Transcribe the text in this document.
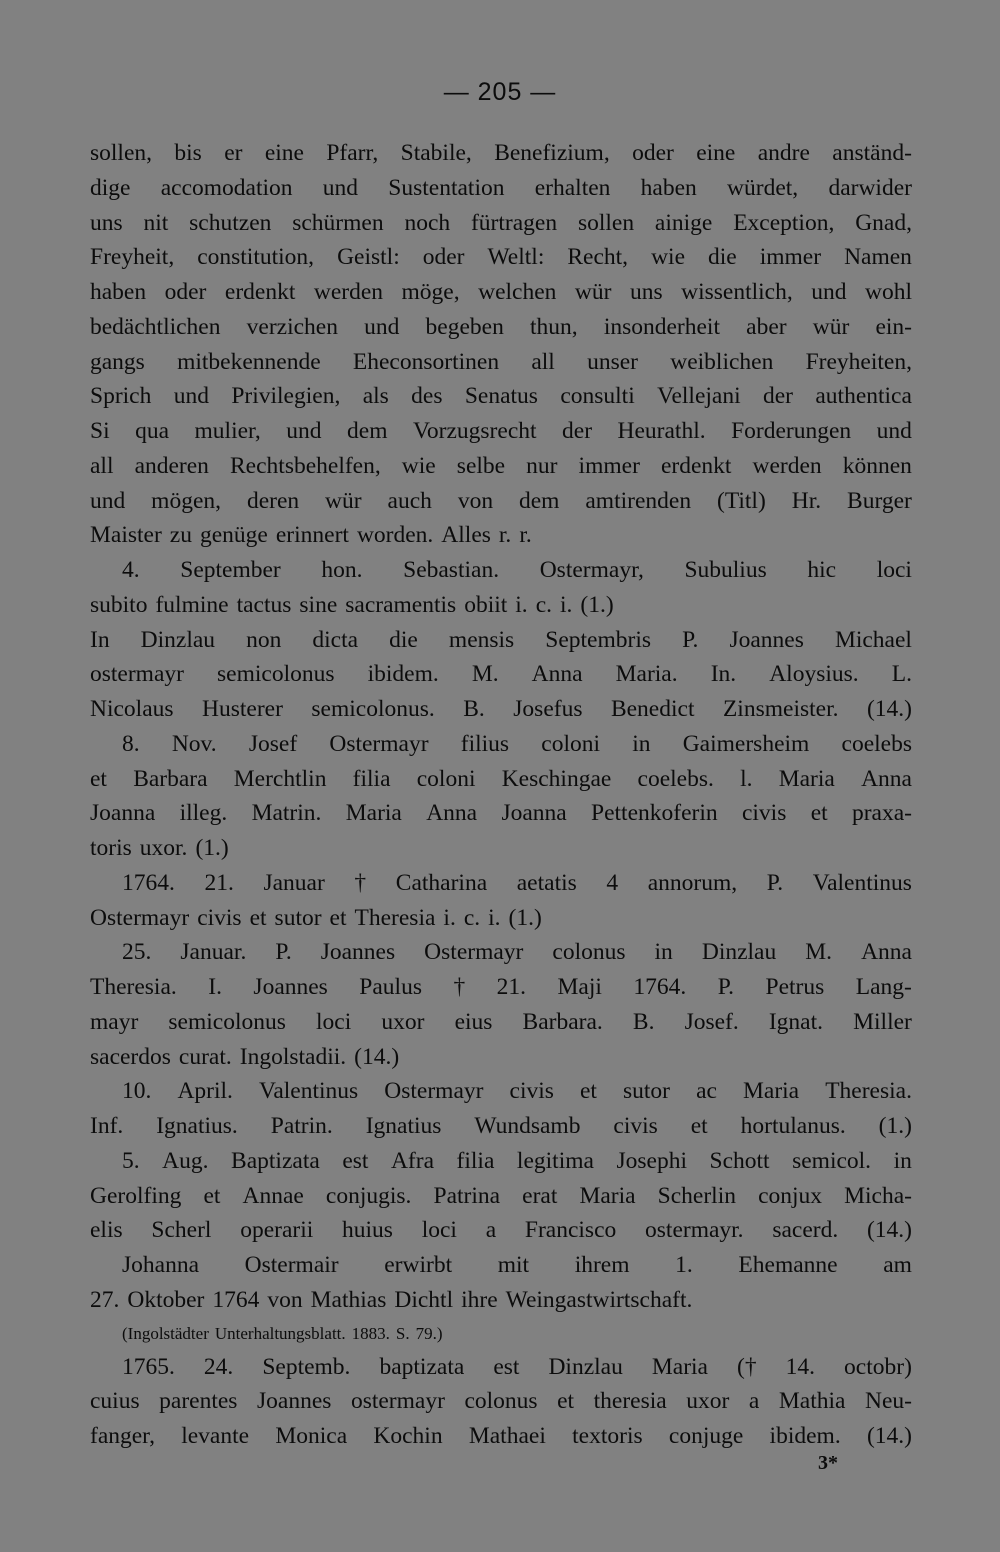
— 205 —
sollen, bis er eine Pfarr, Stabile, Benefizium, oder eine andre anständ-
dige accomodation und Sustentation erhalten haben würdet, darwider
uns nit schutzen schürmen noch fürtragen sollen ainige Exception, Gnad,
Freyheit, constitution, Geistl: oder Weltl: Recht, wie die immer Namen
haben oder erdenkt werden möge, welchen wür uns wissentlich, und wohl
bedächtlichen verzichen und begeben thun, insonderheit aber wür ein-
gangs mitbekennende Eheconsortinen all unser weiblichen Freyheiten,
Sprich und Privilegien, als des Senatus consulti Vellejani der authentica
Si qua mulier, und dem Vorzugsrecht der Heurathl. Forderungen und
all anderen Rechtsbehelfen, wie selbe nur immer erdenkt werden können
und mögen, deren wür auch von dem amtirenden (Titl) Hr. Burger
Maister zu genüge erinnert worden. Alles r. r.
4. September hon. Sebastian. Ostermayr, Subulius hic loci
subito fulmine tactus sine sacramentis obiit i. c. i. (1.)
In Dinzlau non dicta die mensis Septembris P. Joannes Michael
ostermayr semicolonus ibidem. M. Anna Maria. In. Aloysius. L.
Nicolaus Husterer semicolonus. B. Josefus Benedict Zinsmeister. (14.)
8. Nov. Josef Ostermayr filius coloni in Gaimersheim coelebs
et Barbara Merchtlin filia coloni Keschingae coelebs. l. Maria Anna
Joanna illeg. Matrin. Maria Anna Joanna Pettenkoferin civis et praxa-
toris uxor. (1.)
1764. 21. Januar † Catharina aetatis 4 annorum, P. Valentinus
Ostermayr civis et sutor et Theresia i. c. i. (1.)
25. Januar. P. Joannes Ostermayr colonus in Dinzlau M. Anna
Theresia. I. Joannes Paulus † 21. Maji 1764. P. Petrus Lang-
mayr semicolonus loci uxor eius Barbara. B. Josef. Ignat. Miller
sacerdos curat. Ingolstadii. (14.)
10. April. Valentinus Ostermayr civis et sutor ac Maria Theresia.
Inf. Ignatius. Patrin. Ignatius Wundsamb civis et hortulanus. (1.)
5. Aug. Baptizata est Afra filia legitima Josephi Schott semicol. in
Gerolfing et Annae conjugis. Patrina erat Maria Scherlin conjux Micha-
elis Scherl operarii huius loci a Francisco ostermayr. sacerd. (14.)
Johanna Ostermair erwirbt mit ihrem 1. Ehemanne am
27. Oktober 1764 von Mathias Dichtl ihre Weingastwirtschaft.
(Ingolstädter Unterhaltungsblatt. 1883. S. 79.)
1765. 24. Septemb. baptizata est Dinzlau Maria († 14. octobr)
cuius parentes Joannes ostermayr colonus et theresia uxor a Mathia Neu-
fanger, levante Monica Kochin Mathaei textoris conjuge ibidem. (14.)
3*
